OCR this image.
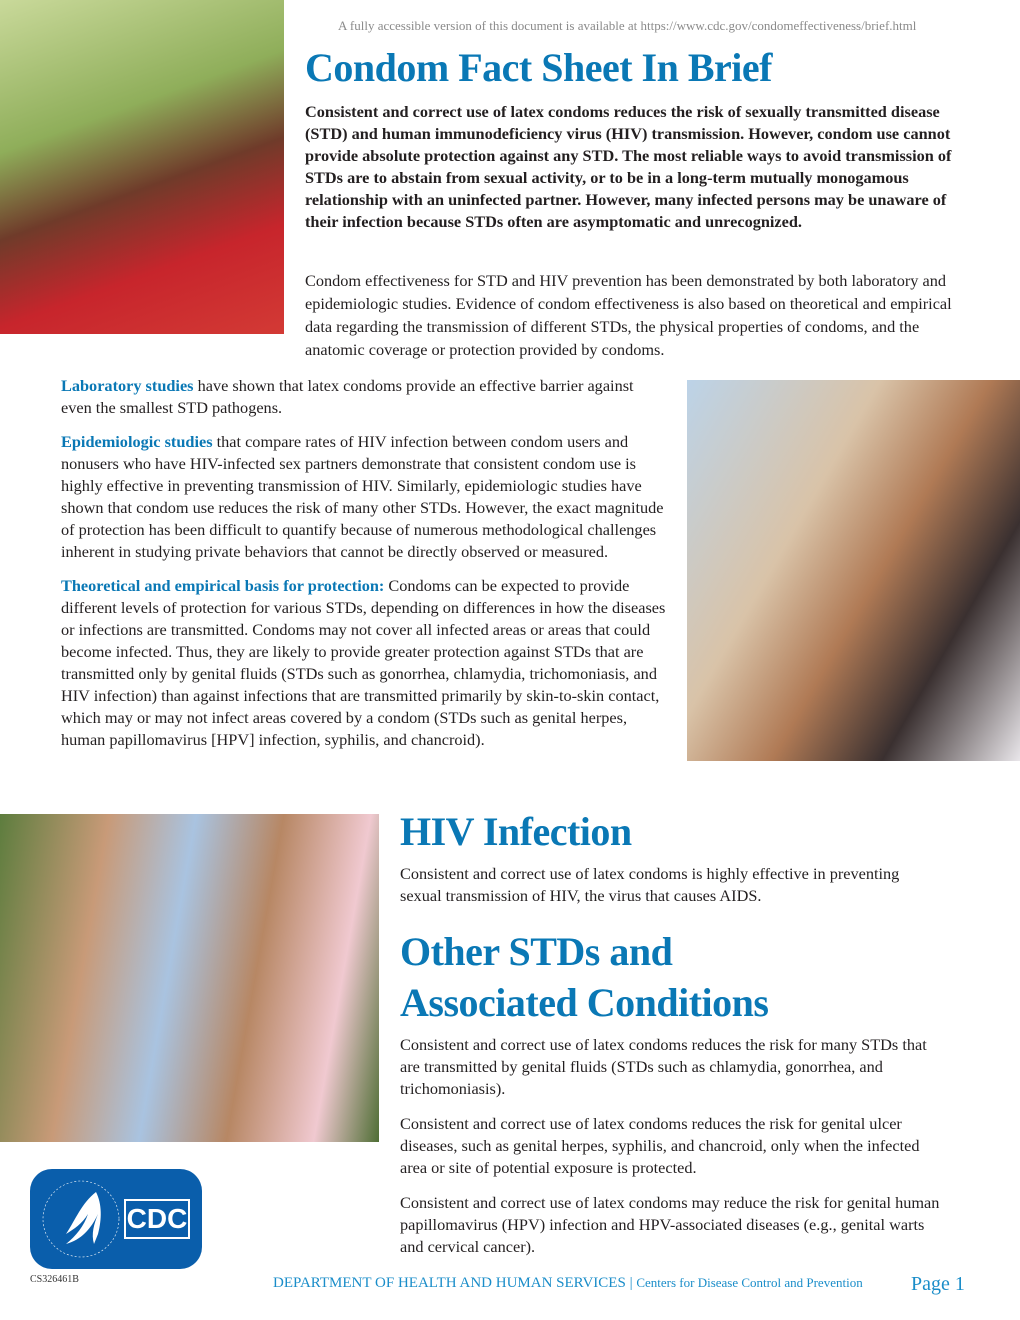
A fully accessible version of this document is available at https://www.cdc.gov/condomeffectiveness/brief.html

Condom Fact Sheet In Brief

Consistent and correct use of latex condoms reduces the risk of sexually transmitted disease (STD) and human immunodeficiency virus (HIV) transmission. However, condom use cannot provide absolute protection against any STD. The most reliable ways to avoid transmission of STDs are to abstain from sexual activity, or to be in a long-term mutually monogamous relationship with an uninfected partner. However, many infected persons may be unaware of their infection because STDs often are asymptomatic and unrecognized.

Condom effectiveness for STD and HIV prevention has been demonstrated by both laboratory and epidemiologic studies. Evidence of condom effectiveness is also based on theoretical and empirical data regarding the transmission of different STDs, the physical properties of condoms, and the anatomic coverage or protection provided by condoms.

Laboratory studies have shown that latex condoms provide an effective barrier against even the smallest STD pathogens.

Epidemiologic studies that compare rates of HIV infection between condom users and nonusers who have HIV-infected sex partners demonstrate that consistent condom use is highly effective in preventing transmission of HIV. Similarly, epidemiologic studies have shown that condom use reduces the risk of many other STDs. However, the exact magnitude of protection has been difficult to quantify because of numerous methodological challenges inherent in studying private behaviors that cannot be directly observed or measured.

Theoretical and empirical basis for protection: Condoms can be expected to provide different levels of protection for various STDs, depending on differences in how the diseases or infections are transmitted. Condoms may not cover all infected areas or areas that could become infected. Thus, they are likely to provide greater protection against STDs that are transmitted only by genital fluids (STDs such as gonorrhea, chlamydia, trichomoniasis, and HIV infection) than against infections that are transmitted primarily by skin-to-skin contact, which may or may not infect areas covered by a condom (STDs such as genital herpes, human papillomavirus [HPV] infection, syphilis, and chancroid).

HIV Infection

Consistent and correct use of latex condoms is highly effective in preventing sexual transmission of HIV, the virus that causes AIDS.

Other STDs and
Associated Conditions

Consistent and correct use of latex condoms reduces the risk for many STDs that are transmitted by genital fluids (STDs such as chlamydia, gonorrhea, and trichomoniasis).

Consistent and correct use of latex condoms reduces the risk for genital ulcer diseases, such as genital herpes, syphilis, and chancroid, only when the infected area or site of potential exposure is protected.

Consistent and correct use of latex condoms may reduce the risk for genital human papillomavirus (HPV) infection and HPV-associated diseases (e.g., genital warts and cervical cancer).

CDC

CS326461B	DEPARTMENT OF HEALTH AND HUMAN SERVICES | Centers for Disease Control and Prevention Page 1
